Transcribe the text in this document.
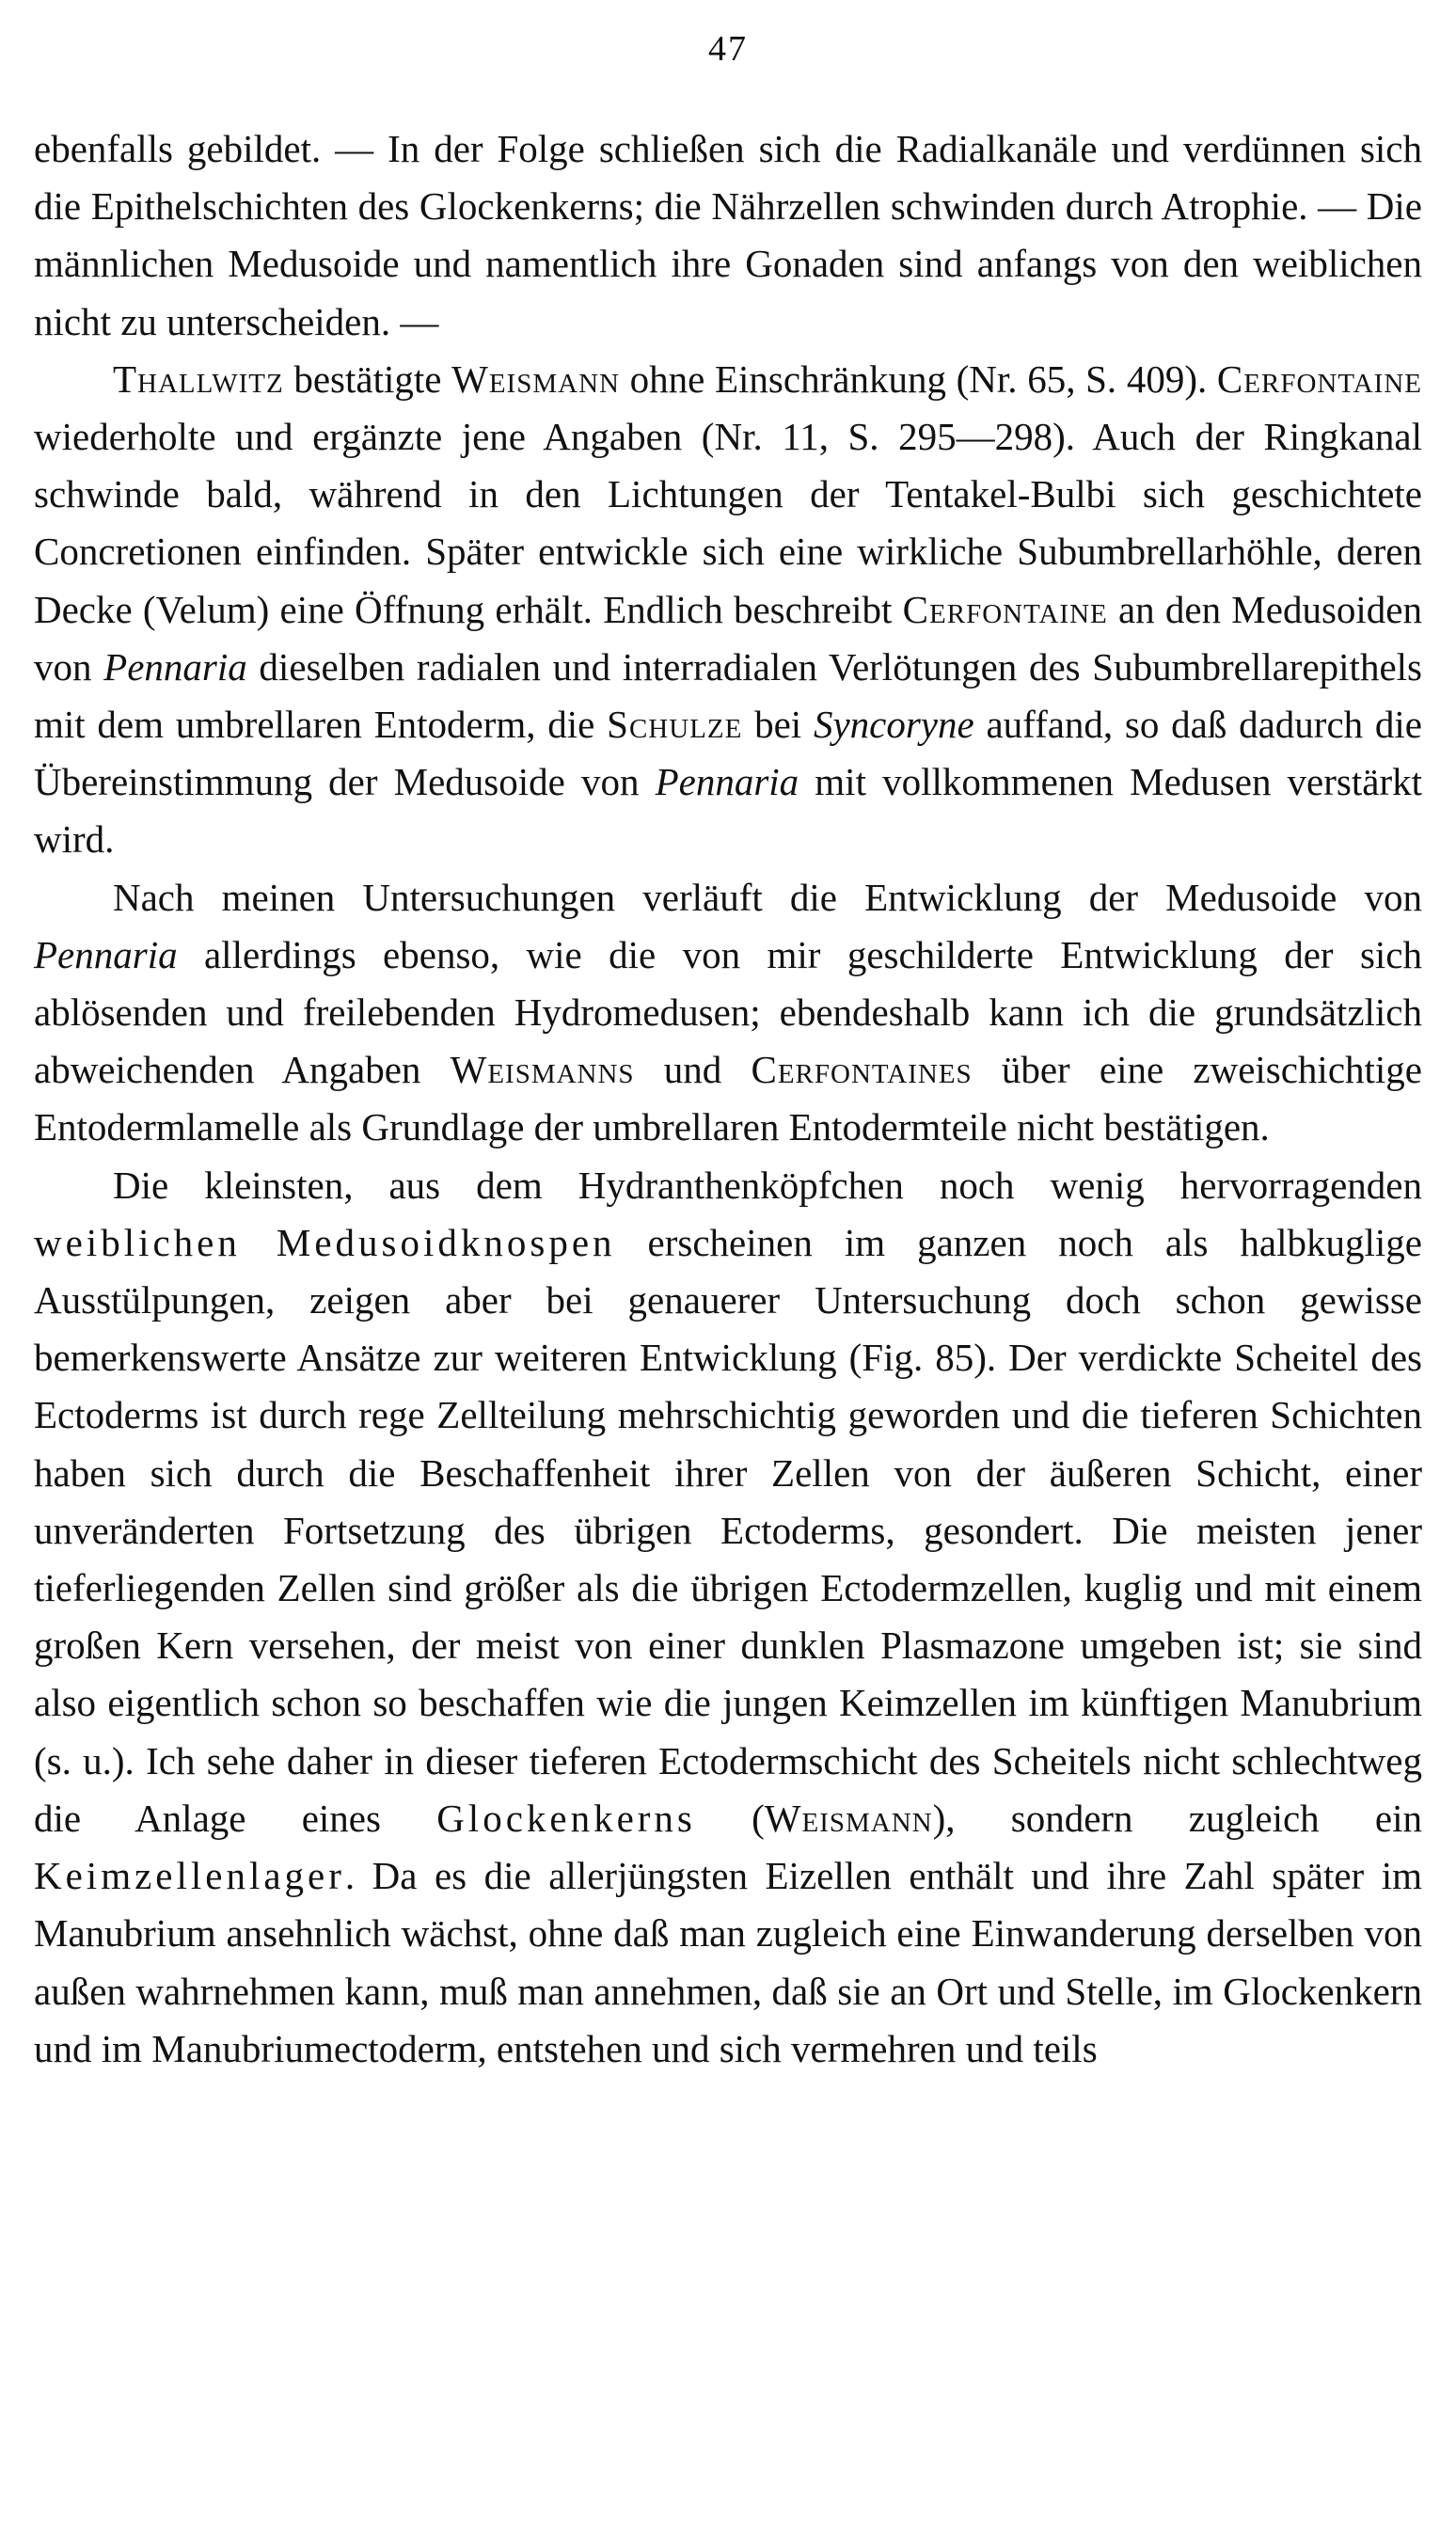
47

ebenfalls gebildet. — In der Folge schließen sich die Radialkanäle und verdünnen sich die Epithelschichten des Glockenkerns; die Nährzellen schwinden durch Atrophie. — Die männlichen Medusoide und namentlich ihre Gonaden sind anfangs von den weiblichen nicht zu unterscheiden. —

Thallwitz bestätigte Weismann ohne Einschränkung (Nr. 65, S. 409). Cerfontaine wiederholte und ergänzte jene Angaben (Nr. 11, S. 295—298). Auch der Ringkanal schwinde bald, während in den Lichtungen der Tentakel-Bulbi sich geschichtete Concretionen einfinden. Später entwickle sich eine wirkliche Subumbrellarhöhle, deren Decke (Velum) eine Öffnung erhält. Endlich beschreibt Cerfontaine an den Medusoiden von Pennaria dieselben radialen und interradialen Verlötungen des Subumbrellarepithels mit dem umbrellaren Entoderm, die Schulze bei Syncoryne auffand, so daß dadurch die Übereinstimmung der Medusoide von Pennaria mit vollkommenen Medusen verstärkt wird.

Nach meinen Untersuchungen verläuft die Entwicklung der Medusoide von Pennaria allerdings ebenso, wie die von mir geschilderte Entwicklung der sich ablösenden und freilebenden Hydromedusen; ebendeshalb kann ich die grundsätzlich abweichenden Angaben Weismanns und Cerfontaines über eine zweischichtige Entodermlamelle als Grundlage der umbrellaren Entodermteile nicht bestätigen.

Die kleinsten, aus dem Hydranthenköpfchen noch wenig hervorragenden weiblichen Medusoidknospen erscheinen im ganzen noch als halbkuglige Ausstülpungen, zeigen aber bei genauerer Untersuchung doch schon gewisse bemerkenswerte Ansätze zur weiteren Entwicklung (Fig. 85). Der verdickte Scheitel des Ectoderms ist durch rege Zellteilung mehrschichtig geworden und die tieferen Schichten haben sich durch die Beschaffenheit ihrer Zellen von der äußeren Schicht, einer unveränderten Fortsetzung des übrigen Ectoderms, gesondert. Die meisten jener tieferliegenden Zellen sind größer als die übrigen Ectodermzellen, kuglig und mit einem großen Kern versehen, der meist von einer dunklen Plasmazone umgeben ist; sie sind also eigentlich schon so beschaffen wie die jungen Keimzellen im künftigen Manubrium (s. u.). Ich sehe daher in dieser tieferen Ectodermschicht des Scheitels nicht schlechtweg die Anlage eines Glockenkerns (Weismann), sondern zugleich ein Keimzellenlager. Da es die allerjüngsten Eizellen enthält und ihre Zahl später im Manubrium ansehnlich wächst, ohne daß man zugleich eine Einwanderung derselben von außen wahrnehmen kann, muß man annehmen, daß sie an Ort und Stelle, im Glockenkern und im Manubriumectoderm, entstehen und sich vermehren und teils
